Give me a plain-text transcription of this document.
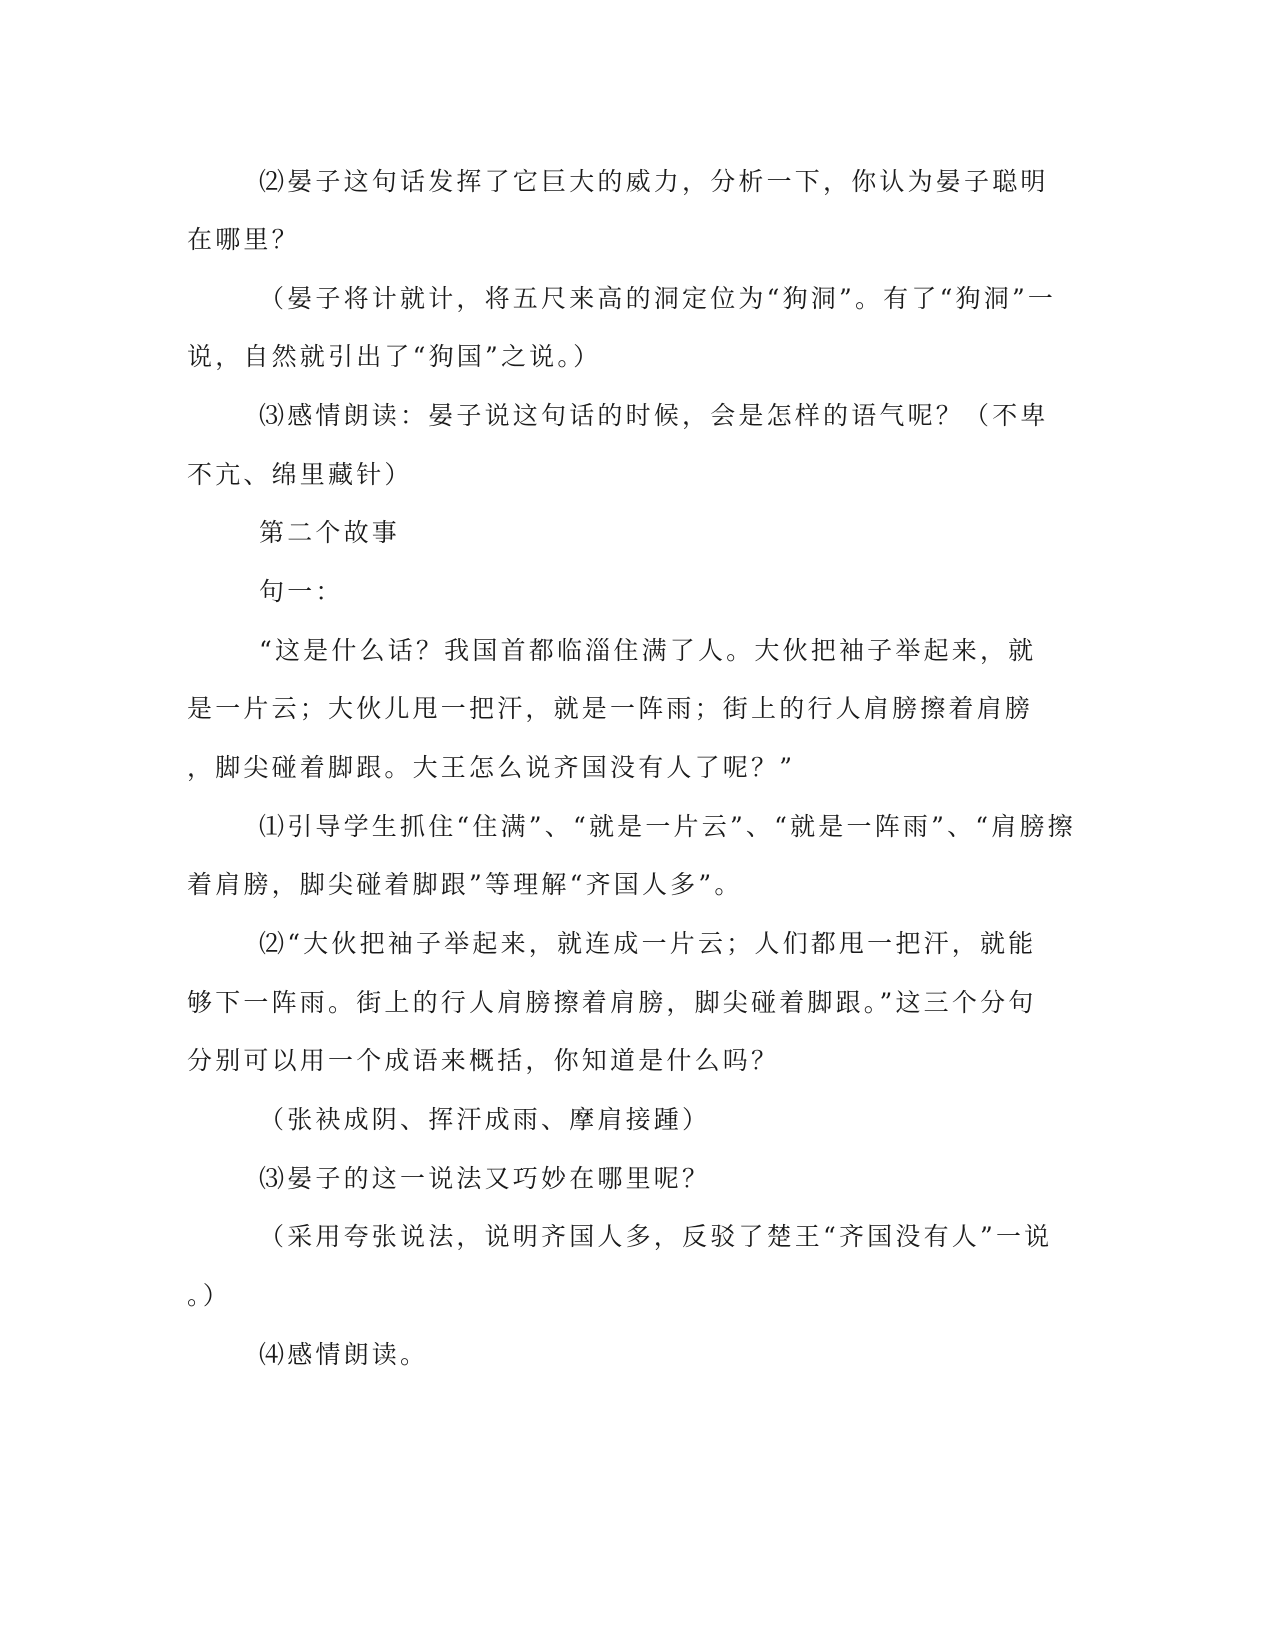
⑵晏子这句话发挥了它巨大的威力，分析一下，你认为晏子聪明
在哪里？
（晏子将计就计，将五尺来高的洞定位为“狗洞”。有了“狗洞”一
说，自然就引出了“狗国”之说。）
⑶感情朗读：晏子说这句话的时候，会是怎样的语气呢？（不卑
不亢、绵里藏针）
第二个故事
句一：
“这是什么话？我国首都临淄住满了人。大伙把袖子举起来，就
是一片云；大伙儿甩一把汗，就是一阵雨；街上的行人肩膀擦着肩膀
，脚尖碰着脚跟。大王怎么说齐国没有人了呢？”
⑴引导学生抓住“住满”、“就是一片云”、“就是一阵雨”、“肩膀擦
着肩膀，脚尖碰着脚跟”等理解“齐国人多”。
⑵“大伙把袖子举起来，就连成一片云；人们都甩一把汗，就能
够下一阵雨。街上的行人肩膀擦着肩膀，脚尖碰着脚跟。”这三个分句
分别可以用一个成语来概括，你知道是什么吗？
（张袂成阴、挥汗成雨、摩肩接踵）
⑶晏子的这一说法又巧妙在哪里呢？
（采用夸张说法，说明齐国人多，反驳了楚王“齐国没有人”一说
。）
⑷感情朗读。
